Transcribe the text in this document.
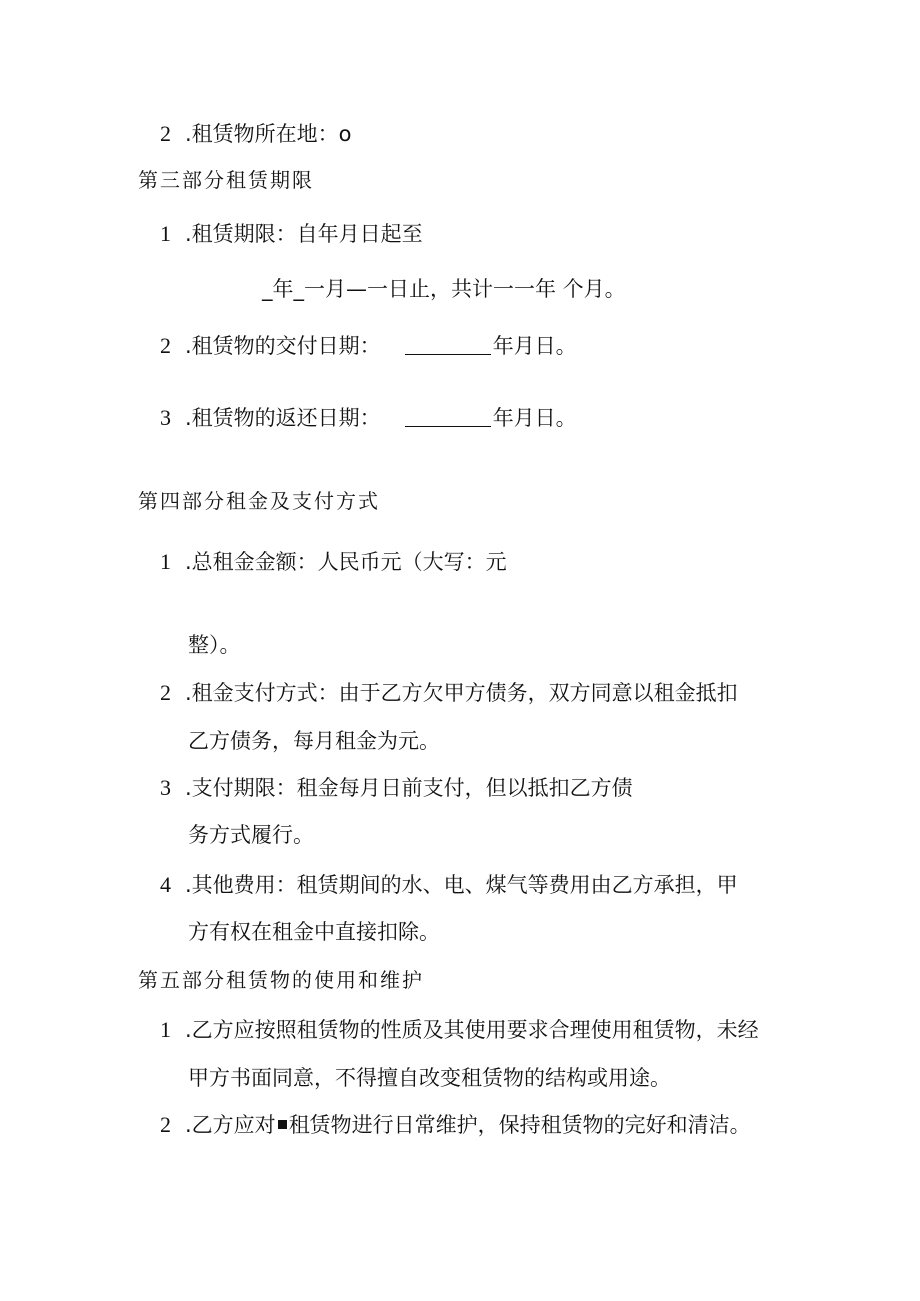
2 .租赁物所在地：o
第三部分租赁期限
1 .租赁期限：自年月日起至
_年_一月—一日止，共计一一年 个月。
2 .租赁物的交付日期：	年月日。
3 .租赁物的返还日期：	年月日。
第四部分租金及支付方式
1 .总租金金额：人民币元（大写：元
整）。
2 .租金支付方式：由于乙方欠甲方债务，双方同意以租金抵扣
乙方债务，每月租金为元。
3 .支付期限：租金每月日前支付，但以抵扣乙方债
务方式履行。
4 .其他费用：租赁期间的水、电、煤气等费用由乙方承担，甲
方有权在租金中直接扣除。
第五部分租赁物的使用和维护
1 .乙方应按照租赁物的性质及其使用要求合理使用租赁物，未经
甲方书面同意，不得擅自改变租赁物的结构或用途。
2 .乙方应对 租赁物进行日常维护，保持租赁物的完好和清洁。
